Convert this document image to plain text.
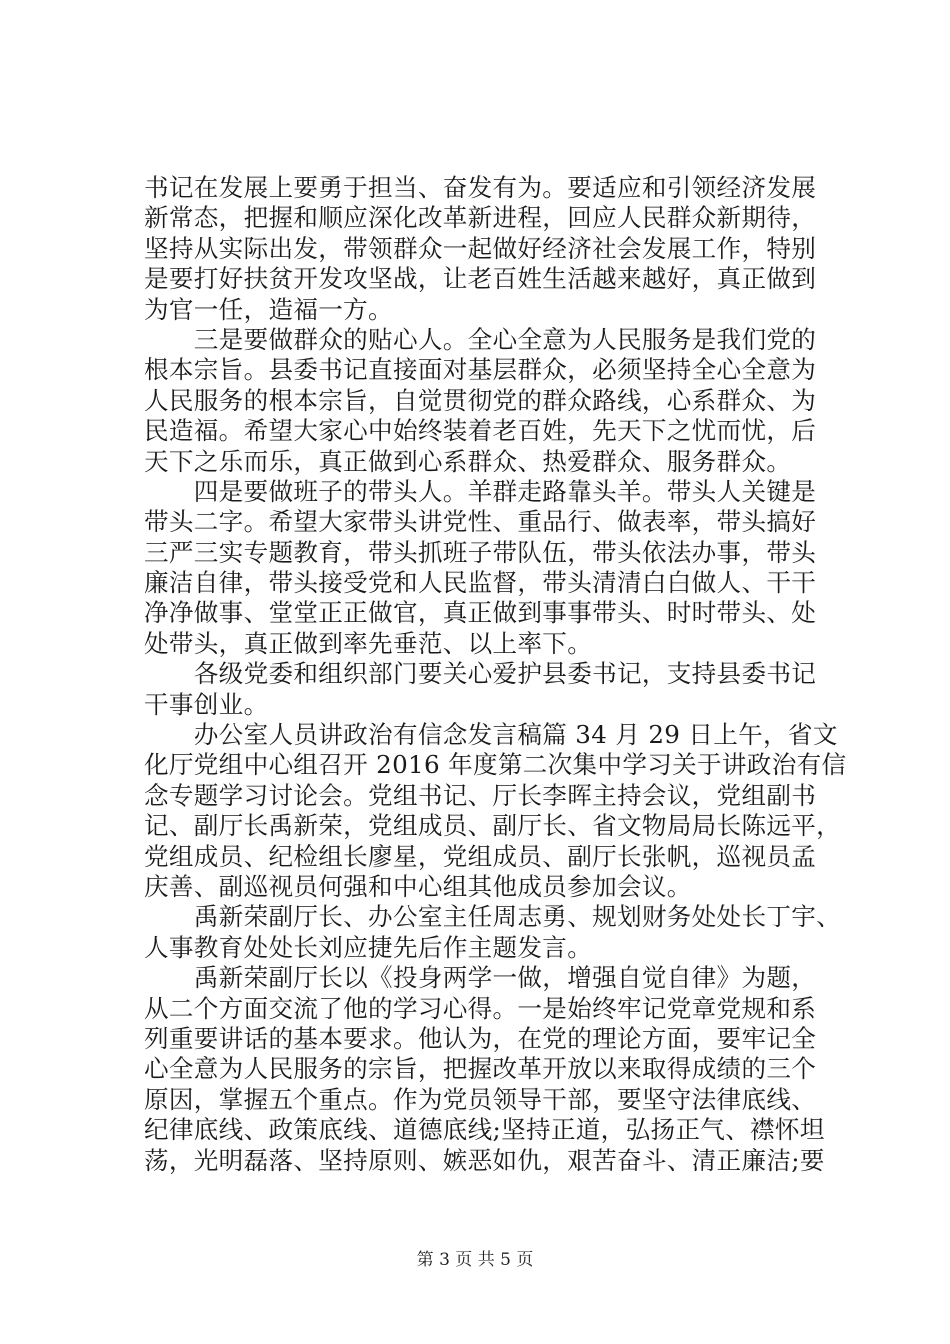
书记在发展上要勇于担当、奋发有为。要适应和引领经济发展
新常态，把握和顺应深化改革新进程，回应人民群众新期待，
坚持从实际出发，带领群众一起做好经济社会发展工作，特别
是要打好扶贫开发攻坚战，让老百姓生活越来越好，真正做到
为官一任，造福一方。
　　三是要做群众的贴心人。全心全意为人民服务是我们党的
根本宗旨。县委书记直接面对基层群众，必须坚持全心全意为
人民服务的根本宗旨，自觉贯彻党的群众路线，心系群众、为
民造福。希望大家心中始终装着老百姓，先天下之忧而忧，后
天下之乐而乐，真正做到心系群众、热爱群众、服务群众。
　　四是要做班子的带头人。羊群走路靠头羊。带头人关键是
带头二字。希望大家带头讲党性、重品行、做表率，带头搞好
三严三实专题教育，带头抓班子带队伍，带头依法办事，带头
廉洁自律，带头接受党和人民监督，带头清清白白做人、干干
净净做事、堂堂正正做官，真正做到事事带头、时时带头、处
处带头，真正做到率先垂范、以上率下。
　　各级党委和组织部门要关心爱护县委书记，支持县委书记
干事创业。
　　办公室人员讲政治有信念发言稿篇 34 月 29 日上午，省文
化厅党组中心组召开 2016 年度第二次集中学习关于讲政治有信
念专题学习讨论会。党组书记、厅长李晖主持会议，党组副书
记、副厅长禹新荣，党组成员、副厅长、省文物局局长陈远平，
党组成员、纪检组长廖星，党组成员、副厅长张帆，巡视员孟
庆善、副巡视员何强和中心组其他成员参加会议。
　　禹新荣副厅长、办公室主任周志勇、规划财务处处长丁宇、
人事教育处处长刘应捷先后作主题发言。
　　禹新荣副厅长以《投身两学一做，增强自觉自律》为题，
从二个方面交流了他的学习心得。一是始终牢记党章党规和系
列重要讲话的基本要求。他认为，在党的理论方面，要牢记全
心全意为人民服务的宗旨，把握改革开放以来取得成绩的三个
原因，掌握五个重点。作为党员领导干部，要坚守法律底线、
纪律底线、政策底线、道德底线;坚持正道，弘扬正气、襟怀坦
荡，光明磊落、坚持原则、嫉恶如仇，艰苦奋斗、清正廉洁;要
第 3 页 共 5 页
